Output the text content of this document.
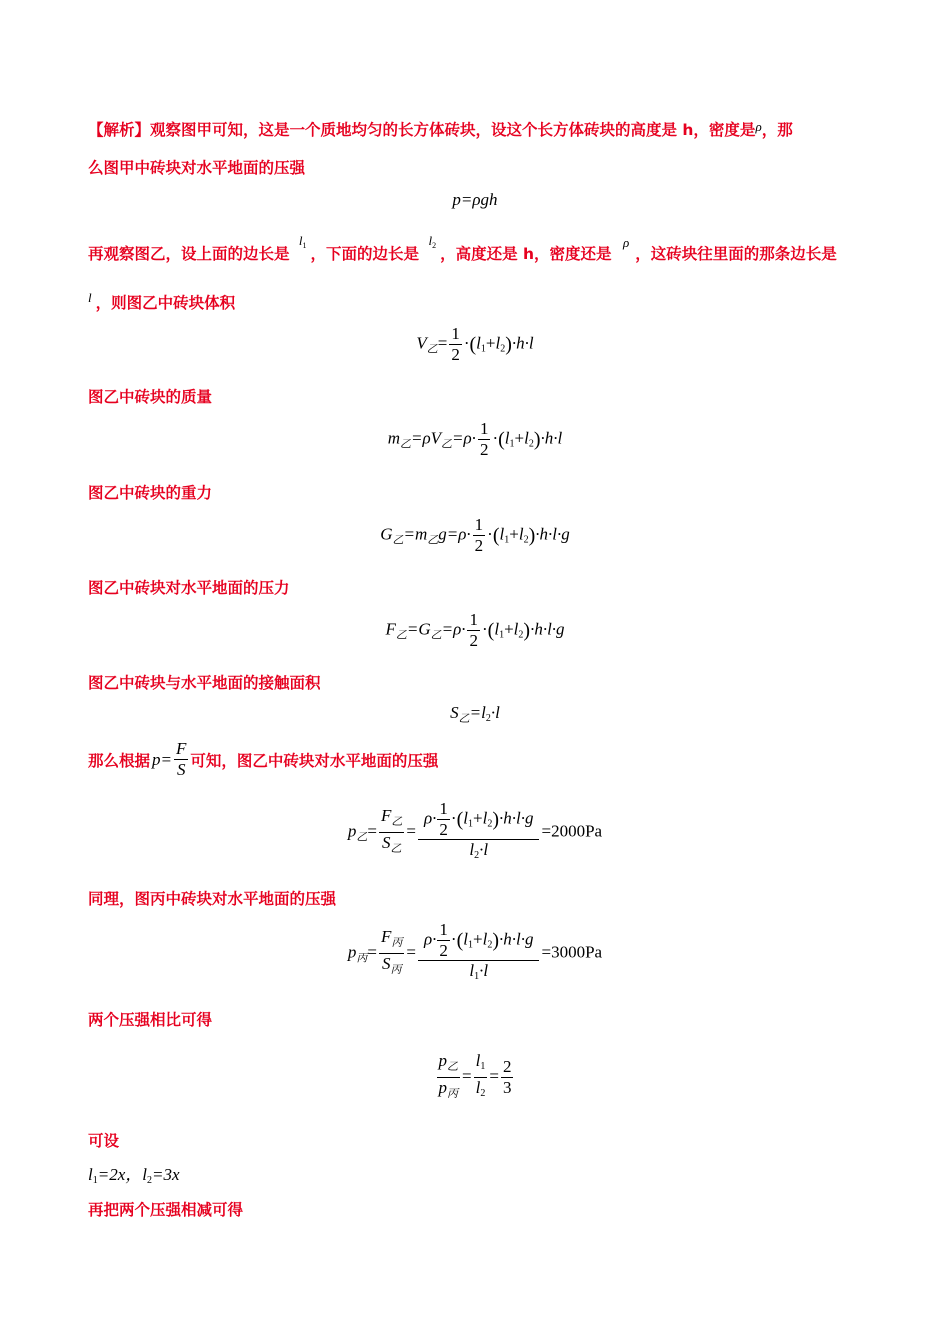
【解析】观察图甲可知，这是一个质地均匀的长方体砖块，设这个长方体砖块的高度是 h，密度是$^\rho$，那
么图甲中砖块对水平地面的压强
p=ρgh
再观察图乙，设上面的边长是 $^{l_1}$ ，下面的边长是 $^{l_2}$ ，高度还是 h，密度还是 $^\rho$，这砖块往里面的那条边长是
$^l$ ，则图乙中砖块体积
$V_乙= \frac{1}{2} \cdot(l_1+l_2)\cdot h\cdot l$
图乙中砖块的质量
$m_乙=\rho V_乙=\rho\cdot \frac{1}{2} \cdot(l_1+l_2)\cdot h\cdot l$
图乙中砖块的重力
$G_乙=m_乙g=\rho\cdot \frac{1}{2} \cdot(l_1+l_2)\cdot h\cdot l\cdot g$
图乙中砖块对水平地面的压力
$F_乙=G_乙=\rho\cdot \frac{1}{2} \cdot(l_1+l_2)\cdot h\cdot l\cdot g$
图乙中砖块与水平地面的接触面积
$S_乙=l_2\cdot l$
那么根据 $p= \frac{F}{S}$ 可知，图乙中砖块对水平地面的压强
$p_乙= \frac{F_乙}{S_乙} = \frac{\rho\cdot \frac{1}{2} \cdot(l_1+l_2)\cdot h\cdot l\cdot g}{l_2\cdot l} =2000Pa$
同理，图丙中砖块对水平地面的压强
$p_丙= \frac{F_丙}{S_丙} = \frac{\rho\cdot \frac{1}{2} \cdot(l_1+l_2)\cdot h\cdot l\cdot g}{l_1\cdot l} =3000Pa$
两个压强相比可得
$\frac{p_乙}{p_丙} = \frac{l_1}{l_2} = \frac{2}{3}$
可设
$l_1=2x$，$l_2=3x$
再把两个压强相减可得
